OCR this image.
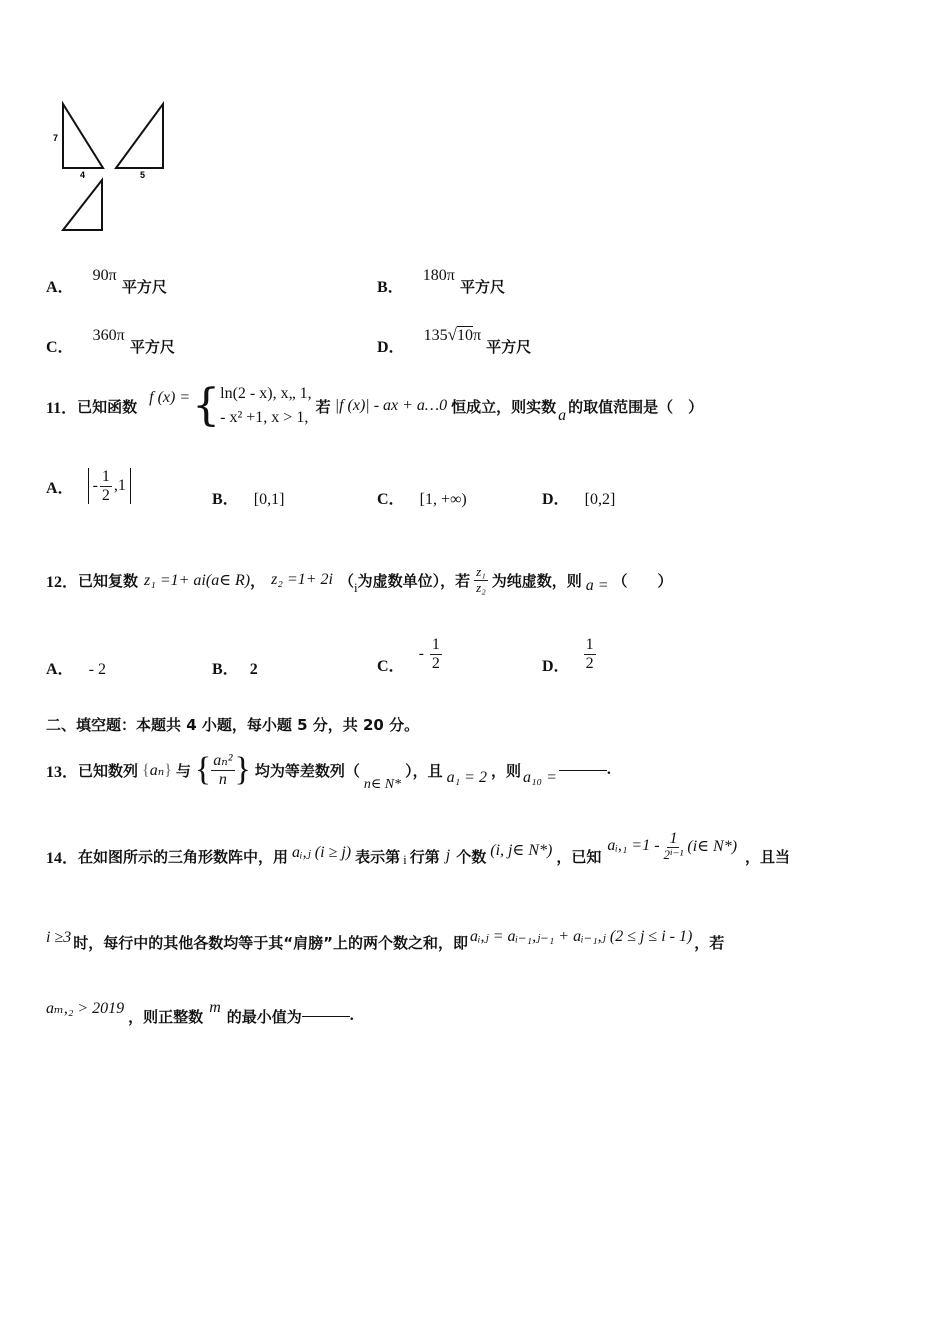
7
4	5
A． 90π 平方尺	B． 180π 平方尺
C． 360π 平方尺	D． 135√10π 平方尺
11． 已知函数 f (x) = { ln(2 - x), x„ 1,
- x² +1, x > 1,
若 |f (x)| - ax + a…0 恒成立，则实数 a 的取值范围是（　）
A． - $\frac{1}{2} ,1$
B． [0,1]	C． [1, +∞)	D． [0,2]
12． 已知复数 z₁ =1+ ai(a∈ R) ， z₂ =1+ 2i （ i 为虚数单位），若 $\frac{\text{z₁}}{\text{z₂}}$ 为纯虚数，则 a = （　　）
A． - 2	B． 2	C．
- $\frac{1}{2}$	D． $\frac{1}{2}$
二、填空题：本题共 4 小题，每小题 5 分，共 20 分。
13． 已知数列 {aₙ} 与 { $\frac{\text{aₙ²}}{n}$ } 均为等差数列（
n∈ N*
），且 a₁ = 2 ，则 a₁₀ =	.
14． 在如图所示的三角形数阵中，用 aᵢ,ⱼ (i ≥ j) 表示第 i 行第 j 个数 (i, j∈ N*) ，已知
aᵢ,₁ $=1 - \frac{1}{\text{2ⁱ⁻¹}}$ (i∈ N*)
，且当
i ≥3 时，每行中的其他各数均等于其“肩膀”上的两个数之和，即 aᵢ,ⱼ = aᵢ₋₁,ⱼ₋₁ + aᵢ₋₁,ⱼ (2 ≤ j ≤ i - 1) ，若
aₘ,₂ > 2019 ，则正整数 m 的最小值为	.
